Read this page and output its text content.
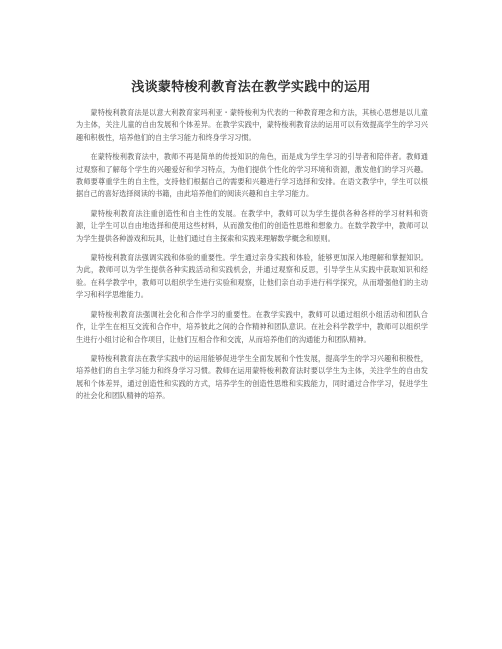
浅谈蒙特梭利教育法在教学实践中的运用

蒙特梭利教育法是以意大利教育家玛利亚・蒙特梭利为代表的一种教育理念和方法，其核心思想是以儿童为主体，关注儿童的自由发展和个体差异。在教学实践中，蒙特梭利教育法的运用可以有效提高学生的学习兴趣和积极性，培养他们的自主学习能力和终身学习习惯。

在蒙特梭利教育法中，教师不再是简单的传授知识的角色，而是成为学生学习的引导者和陪伴者。教师通过观察和了解每个学生的兴趣爱好和学习特点，为他们提供个性化的学习环境和资源，激发他们的学习兴趣。教师要尊重学生的自主性，支持他们根据自己的需要和兴趣进行学习选择和安排。在语文教学中，学生可以根据自己的喜好选择阅读的书籍，由此培养他们的阅读兴趣和自主学习能力。

蒙特梭利教育法注重创造性和自主性的发展。在教学中，教师可以为学生提供各种各样的学习材料和资源，让学生可以自由地选择和使用这些材料，从而激发他们的创造性思维和想象力。在数学教学中，教师可以为学生提供各种游戏和玩具，让他们通过自主探索和实践来理解数学概念和原则。

蒙特梭利教育法强调实践和体验的重要性。学生通过亲身实践和体验，能够更加深入地理解和掌握知识。为此，教师可以为学生提供各种实践活动和实践机会，并通过观察和反思，引导学生从实践中获取知识和经验。在科学教学中，教师可以组织学生进行实验和观察，让他们亲自动手进行科学探究，从而增强他们的主动学习和科学思维能力。

蒙特梭利教育法强调社会化和合作学习的重要性。在教学实践中，教师可以通过组织小组活动和团队合作，让学生在相互交流和合作中，培养彼此之间的合作精神和团队意识。在社会科学教学中，教师可以组织学生进行小组讨论和合作项目，让他们互相合作和交流，从而培养他们的沟通能力和团队精神。

蒙特梭利教育法在教学实践中的运用能够促进学生全面发展和个性发展，提高学生的学习兴趣和积极性，培养他们的自主学习能力和终身学习习惯。教师在运用蒙特梭利教育法时要以学生为主体，关注学生的自由发展和个体差异，通过创造性和实践的方式，培养学生的创造性思维和实践能力，同时通过合作学习，促进学生的社会化和团队精神的培养。
